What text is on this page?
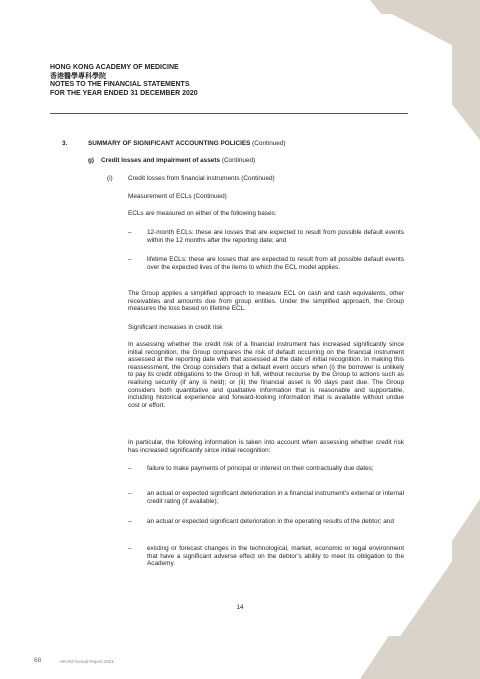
HONG KONG ACADEMY OF MEDICINE
香港醫學專科學院
NOTES TO THE FINANCIAL STATEMENTS
FOR THE YEAR ENDED 31 DECEMBER 2020
3.	SUMMARY OF SIGNIFICANT ACCOUNTING POLICIES (Continued)
g) Credit losses and impairment of assets (Continued)
(i) Credit losses from financial instruments (Continued)

Measurement of ECLs (Continued)

ECLs are measured on either of the following bases:

– 12-month ECLs: these are losses that are expected to result from possible default events within the 12 months after the reporting date; and
– lifetime ECLs: these are losses that are expected to result from all possible default events over the expected lives of the items to which the ECL model applies.

The Group applies a simplified approach to measure ECL on cash and cash equivalents, other receivables and amounts due from group entities. Under the simplified approach, the Group measures the loss based on lifetime ECL.

Significant increases in credit risk

In assessing whether the credit risk of a financial instrument has increased significantly since initial recognition, the Group compares the risk of default occurring on the financial instrument assessed at the reporting date with that assessed at the date of initial recognition. In making this reassessment, the Group considers that a default event occurs when (i) the borrower is unlikely to pay its credit obligations to the Group in full, without recourse by the Group to actions such as realising security (if any is held); or (ii) the financial asset is 90 days past due. The Group considers both quantitative and qualitative information that is reasonable and supportable, including historical experience and forward-looking information that is available without undue cost or effort.

In particular, the following information is taken into account when assessing whether credit risk has increased significantly since initial recognition:

– failure to make payments of principal or interest on their contractually due dates;
– an actual or expected significant deterioration in a financial instrument’s external or internal credit rating (if available);
– an actual or expected significant deterioration in the operating results of the debtor; and
– existing or forecast changes in the technological, market, economic or legal environment that have a significant adverse effect on the debtor’s ability to meet its obligation to the Academy.
14
68	HKAM Annual Report 2021
